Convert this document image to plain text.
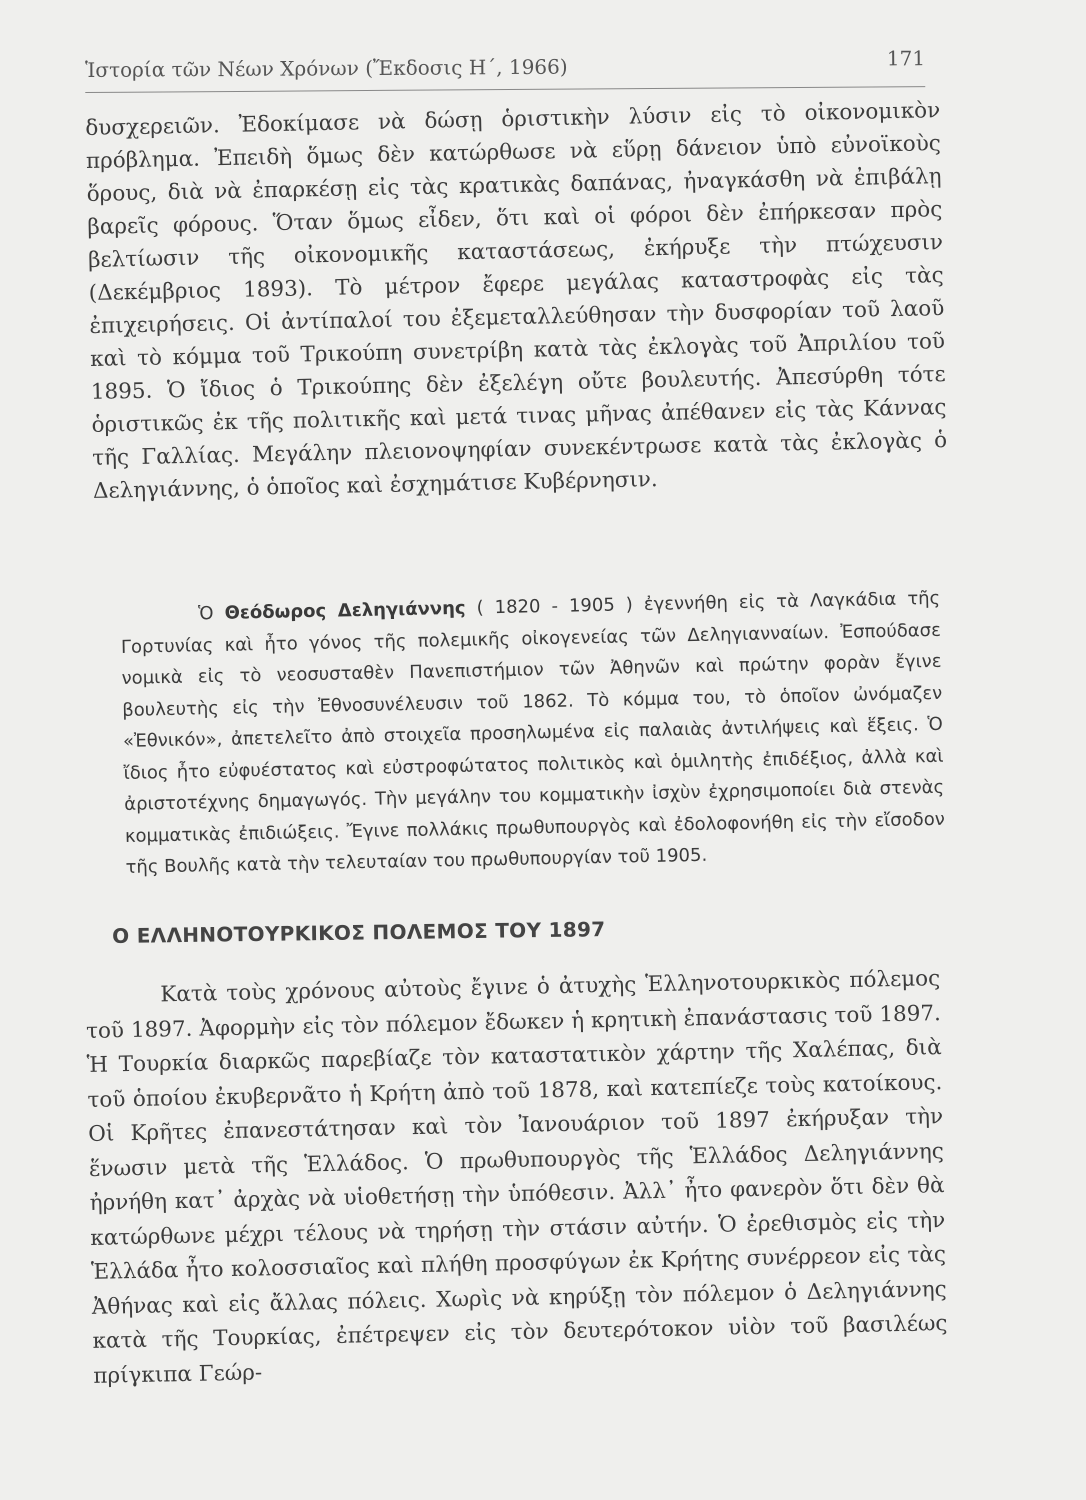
Ἱστορία τῶν Νέων Χρόνων (Ἔκδοσις Η΄, 1966)	171

δυσχερειῶν. Ἐδοκίμασε νὰ δώσῃ ὁριστικὴν λύσιν εἰς τὸ οἰκονομικὸν πρόβλημα. Ἐπειδὴ ὅμως δὲν κατώρθωσε νὰ εὕρῃ δάνειον ὑπὸ εὐνοϊκοὺς ὅρους, διὰ νὰ ἐπαρκέσῃ εἰς τὰς κρατικὰς δαπάνας, ἠναγκάσθη νὰ ἐπιβάλῃ βαρεῖς φόρους. Ὅταν ὅμως εἶδεν, ὅτι καὶ οἱ φόροι δὲν ἐπήρκεσαν πρὸς βελτίωσιν τῆς οἰκονομικῆς καταστάσεως, ἐκήρυξε τὴν πτώχευσιν (Δεκέμβριος 1893). Τὸ μέτρον ἔφερε μεγάλας καταστροφὰς εἰς τὰς ἐπιχειρήσεις. Οἱ ἀντίπαλοί του ἐξεμεταλλεύθησαν τὴν δυσφορίαν τοῦ λαοῦ καὶ τὸ κόμμα τοῦ Τρικούπη συνετρίβη κατὰ τὰς ἐκλογὰς τοῦ Ἀπριλίου τοῦ 1895. Ὁ ἴδιος ὁ Τρικούπης δὲν ἐξελέγη οὔτε βουλευτής. Ἀπεσύρθη τότε ὁριστικῶς ἐκ τῆς πολιτικῆς καὶ μετά τινας μῆνας ἀπέθανεν εἰς τὰς Κάννας τῆς Γαλλίας. Μεγάλην πλειονοψηφίαν συνεκέντρωσε κατὰ τὰς ἐκλογὰς ὁ Δεληγιάννης, ὁ ὁποῖος καὶ ἐσχημάτισε Κυβέρνησιν.

Ὁ Θεόδωρος Δεληγιάννης ( 1820 - 1905 ) ἐγεννήθη εἰς τὰ Λαγκάδια τῆς Γορτυνίας καὶ ἦτο γόνος τῆς πολεμικῆς οἰκογενείας τῶν Δεληγιανναίων. Ἐσπούδασε νομικὰ εἰς τὸ νεοσυσταθὲν Πανεπιστήμιον τῶν Ἀθηνῶν καὶ πρώτην φορὰν ἔγινε βουλευτὴς εἰς τὴν Ἐθνοσυνέλευσιν τοῦ 1862. Τὸ κόμμα του, τὸ ὁποῖον ὠνόμαζεν «Ἐθνικόν», ἀπετελεῖτο ἀπὸ στοιχεῖα προσηλωμένα εἰς παλαιὰς ἀντιλήψεις καὶ ἕξεις. Ὁ ἴδιος ἦτο εὐφυέστατος καὶ εὐστροφώτατος πολιτικὸς καὶ ὁμιλητὴς ἐπιδέξιος, ἀλλὰ καὶ ἀριστοτέχνης δημαγωγός. Τὴν μεγάλην του κομματικὴν ἰσχὺν ἐχρησιμοποίει διὰ στενὰς κομματικὰς ἐπιδιώξεις. Ἔγινε πολλάκις πρωθυπουργὸς καὶ ἐδολοφονήθη εἰς τὴν εἴσοδον τῆς Βουλῆς κατὰ τὴν τελευταίαν του πρωθυπουργίαν τοῦ 1905.

Ο ΕΛΛΗΝΟΤΟΥΡΚΙΚΟΣ ΠΟΛΕΜΟΣ ΤΟΥ 1897

Κατὰ τοὺς χρόνους αὐτοὺς ἔγινε ὁ ἀτυχὴς Ἑλληνοτουρκικὸς πόλεμος τοῦ 1897. Ἀφορμὴν εἰς τὸν πόλεμον ἔδωκεν ἡ κρητικὴ ἐπανάστασις τοῦ 1897. Ἡ Τουρκία διαρκῶς παρεβίαζε τὸν καταστατικὸν χάρτην τῆς Χαλέπας, διὰ τοῦ ὁποίου ἐκυβερνᾶτο ἡ Κρήτη ἀπὸ τοῦ 1878, καὶ κατεπίεζε τοὺς κατοίκους. Οἱ Κρῆτες ἐπανεστάτησαν καὶ τὸν Ἰανουάριον τοῦ 1897 ἐκήρυξαν τὴν ἕνωσιν μετὰ τῆς Ἑλλάδος. Ὁ πρωθυπουργὸς τῆς Ἑλλάδος Δεληγιάννης ἠρνήθη κατ᾽ ἀρχὰς νὰ υἱοθετήσῃ τὴν ὑπόθεσιν. Ἀλλ᾽ ἦτο φανερὸν ὅτι δὲν θὰ κατώρθωνε μέχρι τέλους νὰ τηρήσῃ τὴν στάσιν αὐτήν. Ὁ ἐρεθισμὸς εἰς τὴν Ἑλλάδα ἦτο κολοσσιαῖος καὶ πλήθη προσφύγων ἐκ Κρήτης συνέρρεον εἰς τὰς Ἀθήνας καὶ εἰς ἄλλας πόλεις. Χωρὶς νὰ κηρύξῃ τὸν πόλεμον ὁ Δεληγιάννης κατὰ τῆς Τουρκίας, ἐπέτρεψεν εἰς τὸν δευτερότοκον υἱὸν τοῦ βασιλέως πρίγκιπα Γεώρ-
